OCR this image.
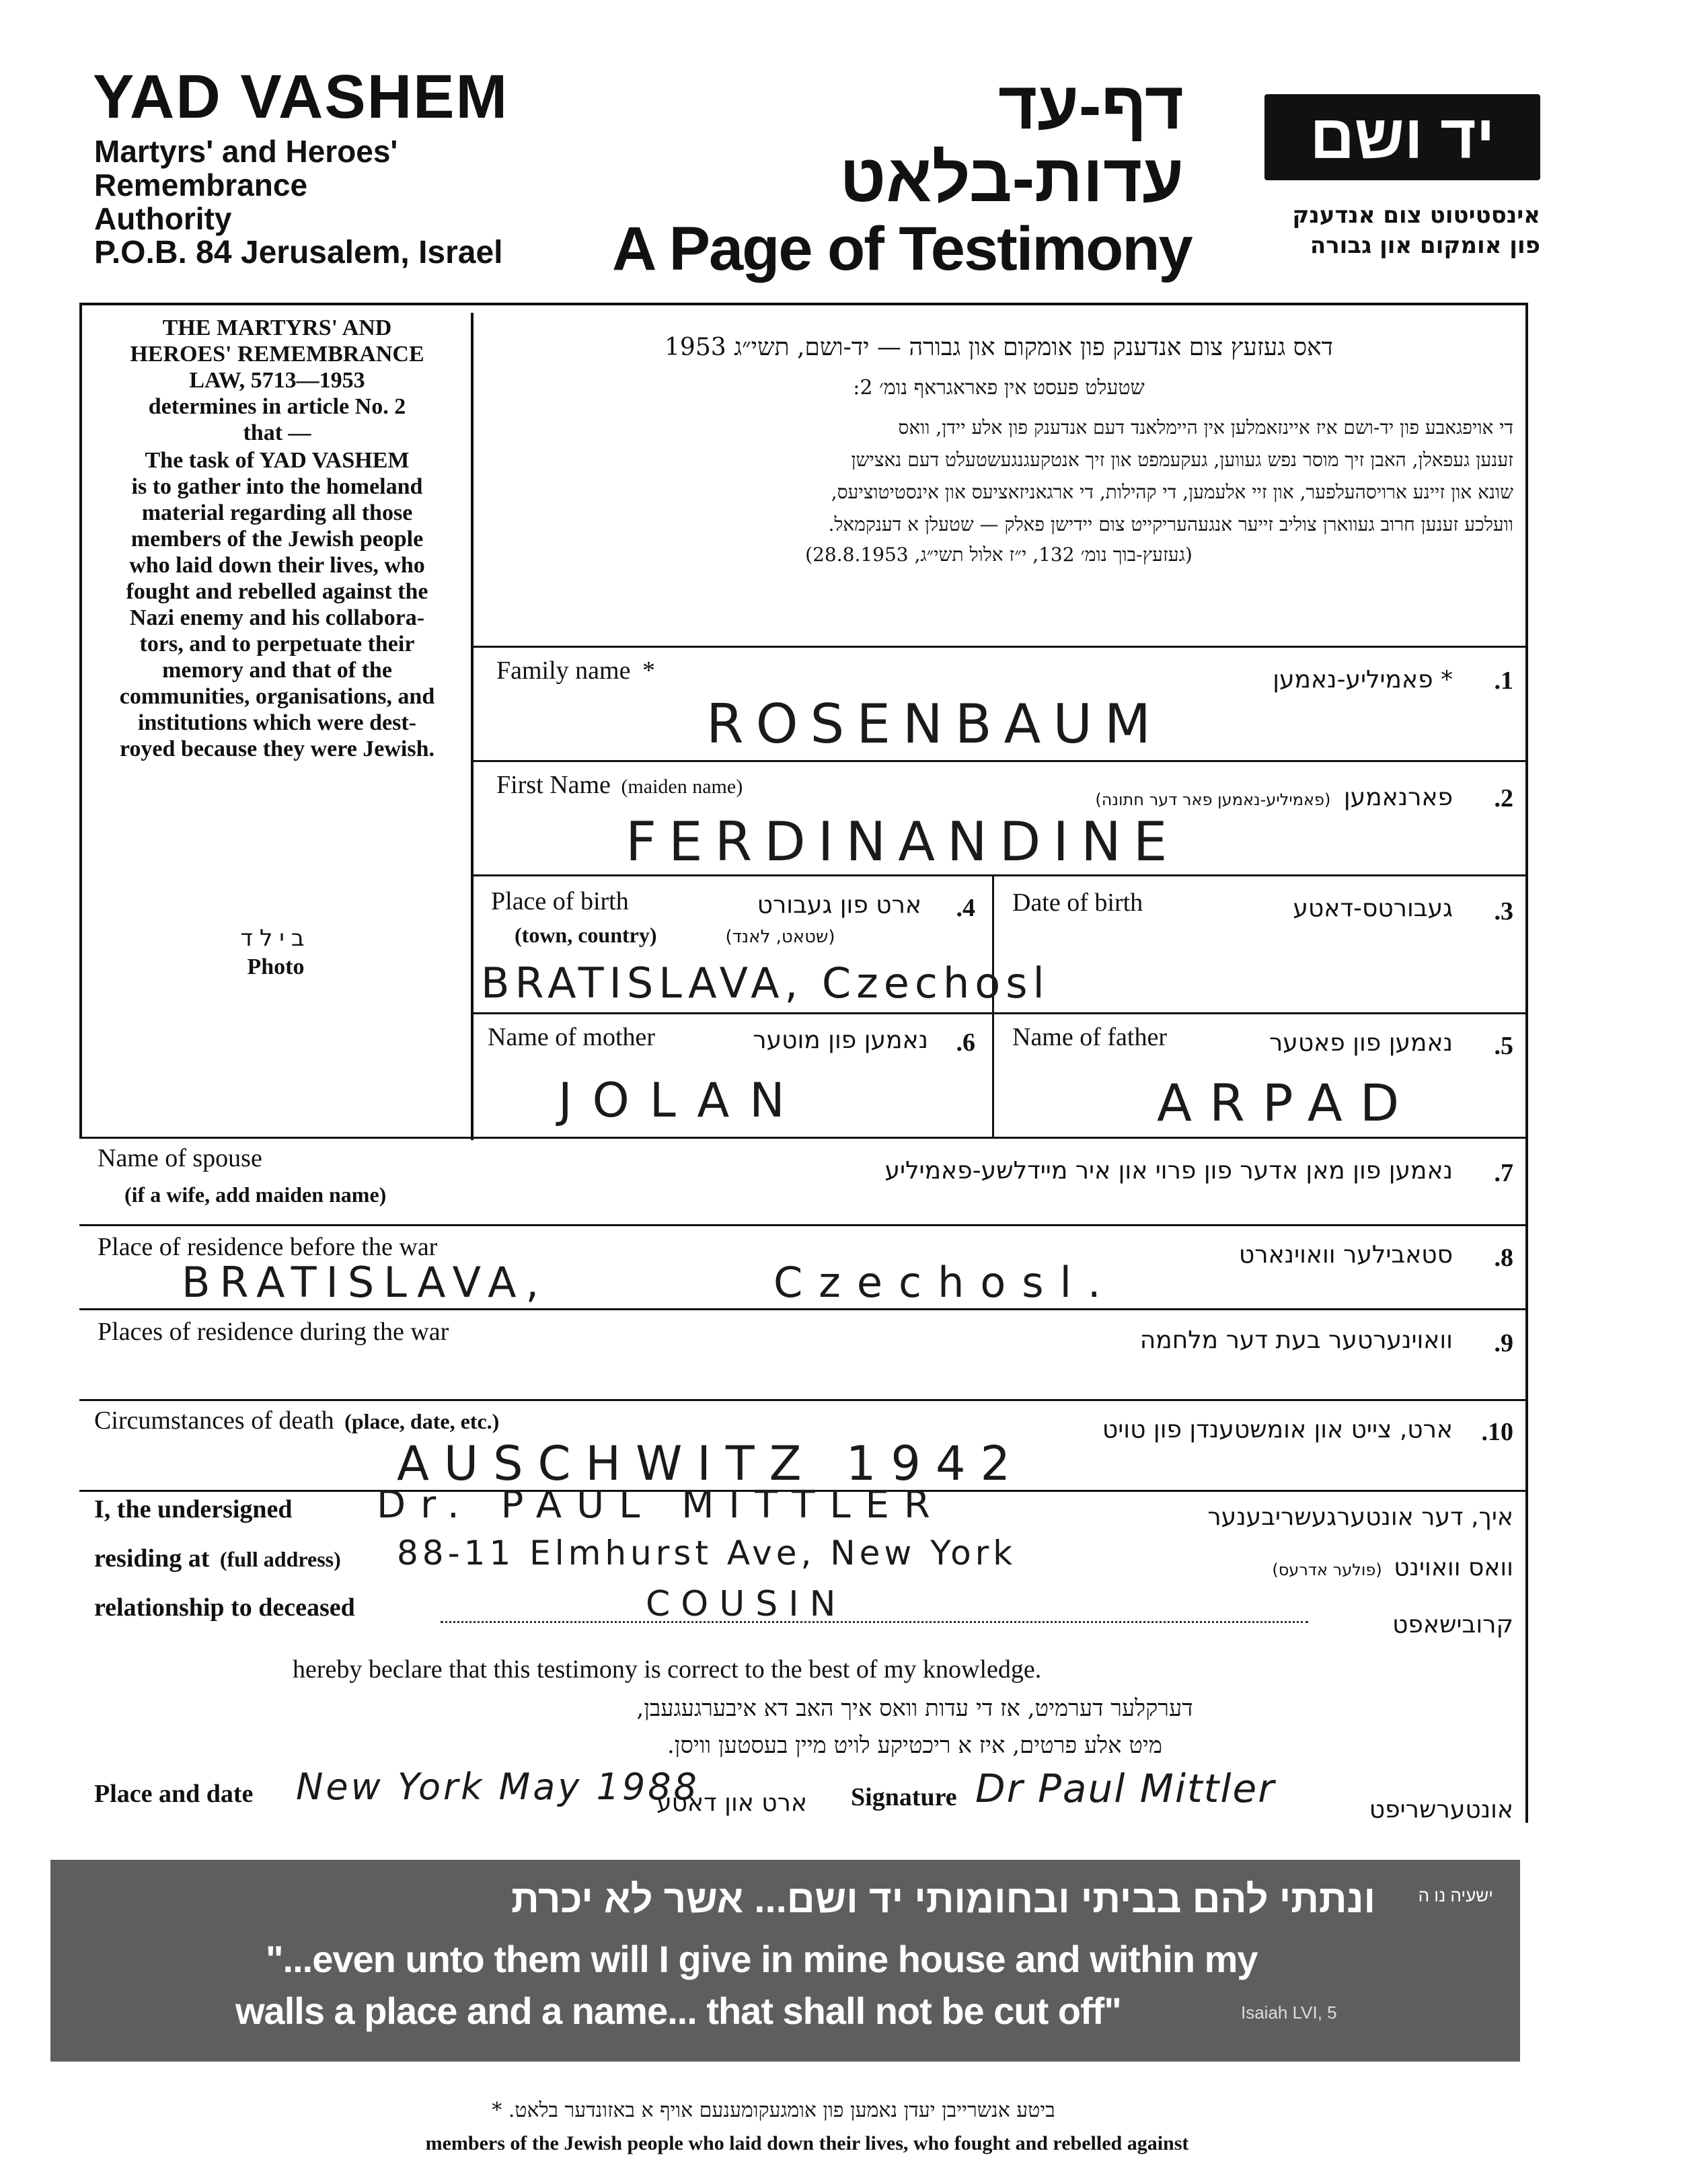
YAD VASHEM
Martyrs' and Heroes'
Remembrance
Authority
P.O.B. 84 Jerusalem, Israel
דף-עד
עדות-בלאט
A Page of Testimony
יד ושם
אינסטיטוט צום אנדענק
פון אומקום און גבורה
THE MARTYRS' AND
HEROES' REMEMBRANCE
LAW, 5713—1953
determines in article No. 2
that —
The task of YAD VASHEM
is to gather into the homeland
material regarding all those
members of the Jewish people
who laid down their lives, who
fought and rebelled against the
Nazi enemy and his collabora-
tors, and to perpetuate their
memory and that of the
communities, organisations, and
institutions which were dest-
royed because they were Jewish.
דאס געזעץ צום אנדענק פון אומקום און גבורה — יד-ושם, תשי״ג 1953
שטעלט פעסט אין פאראגראף נומ׳ 2:
די אויפגאבע פון יד-ושם איז איינזאמלען אין היימלאנד דעם אנדענק פון אלע יידן, וואס
זענען געפאלן, האבן זיך מוסר נפש געווען, געקעמפט און זיך אנטקעגנגעשטעלט דעם נאצישן
שונא און זיינע ארויסהעלפער, און זיי אלעמען, די קהילות, די ארגאניזאציעס און אינסטיטוציעס,
וועלכע זענען חרוב געווארן צוליב זייער אנגעהעריקייט צום יידישן פאלק — שטעלן א דענקמאל.
(געזעץ-בוך נומ׳ 132, י״ז אלול תשי״ג, 28.8.1953)
בילד
Photo
Family name *	* פאמיליע-נאמען	.1
ROSENBAUM
First Name (maiden name)	פארנאמען (פאמיליע-נאמען פאר דער חתונה)	.2
FERDINANDINE
Place of birth
(town, country)
ארט פון געבורט
(שטאט, לאנד)
.4
BRATISLAVA, Czechosl
Date of birth	געבורטס-דאטע	.3
Name of mother	נאמען פון מוטער	.6
JOLAN
Name of father	נאמען פון פאטער	.5
ARPAD
Name of spouse
(if a wife, add maiden name)
נאמען פון מאן אדער פון פרוי און איר מיידלשע-פאמיליע	.7
Place of residence before the war	סטאבילער וואוינארט	.8
BRATISLAVA,	Czechosl.
Places of residence during the war	וואוינערטער בעת דער מלחמה	.9
Circumstances of death (place, date, etc.)	ארט, צייט און אומשטענדן פון טויט	.10
AUSCHWITZ 1942
I, the undersigned Dr. PAUL MITTLER	איך, דער אונטערגעשריבענער
residing at (full address) 88-11 Elmhurst Ave, New York	וואס וואוינט (פולער אדרעס)
relationship to deceased	COUSIN
קרובישאפט
hereby beclare that this testimony is correct to the best of my knowledge.
דערקלער דערמיט, אז די עדות וואס איך האב דא איבערגעגעבן,
מיט אלע פרטים, איז א ריכטיקע לויט מיין בעסטען וויסן.
Place and date New York May 1988
ארט און דאטע Signature Dr Paul Mittler	אונטערשריפט
ונתתי להם בביתי ובחומותי יד ושם... אשר לא יכרת	ישעיה נו ה
"...even unto them will I give in mine house and within my
walls a place and a name... that shall not be cut off"	Isaiah LVI, 5
ביטע אנשרייבן יעדן נאמען פון אומגעקומענעם אויף א באזונדער בלאט. *
members of the Jewish people who laid down their lives, who fought and rebelled against
